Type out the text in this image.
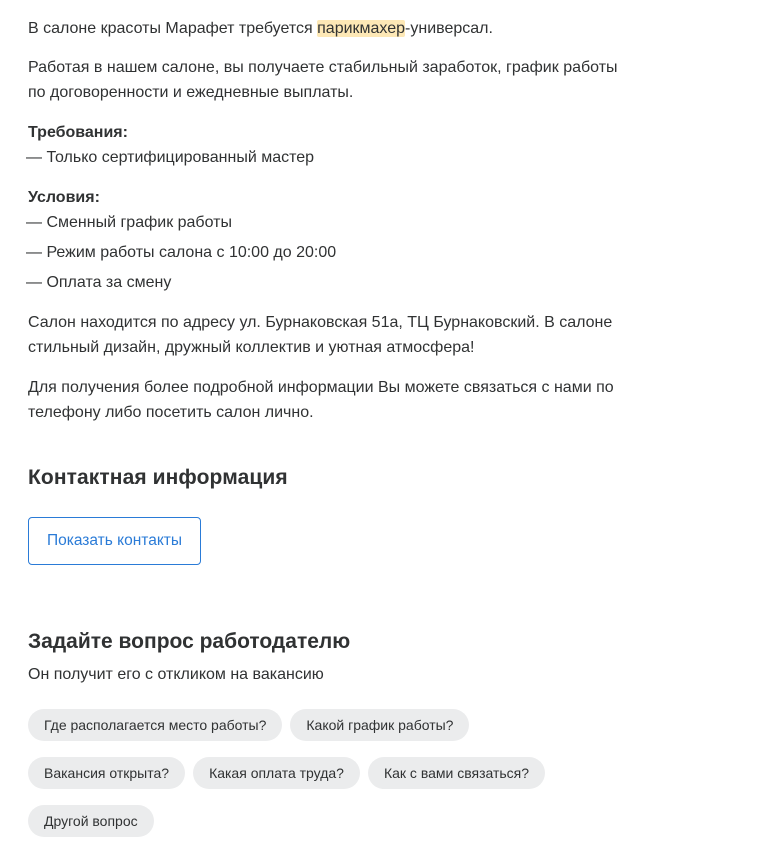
В салоне красоты Марафет требуется парикмахер-универсал.

Работая в нашем салоне, вы получаете стабильный заработок, график работы по договоренности и ежедневные выплаты.

Требования:

— Только сертифицированный мастер

Условия:

— Сменный график работы
— Режим работы салона с 10:00 до 20:00
— Оплата за смену

Салон находится по адресу ул. Бурнаковская 51а, ТЦ Бурнаковский. В салоне стильный дизайн, дружный коллектив и уютная атмосфера!

Для получения более подробной информации Вы можете связаться с нами по телефону либо посетить салон лично.

Контактная информация
Показать контакты
Задайте вопрос работодателю
Он получит его с откликом на вакансию
Где располагается место работы?	Какой график работы?
Вакансия открыта?	Какая оплата труда?	Как с вами связаться?
Другой вопрос
